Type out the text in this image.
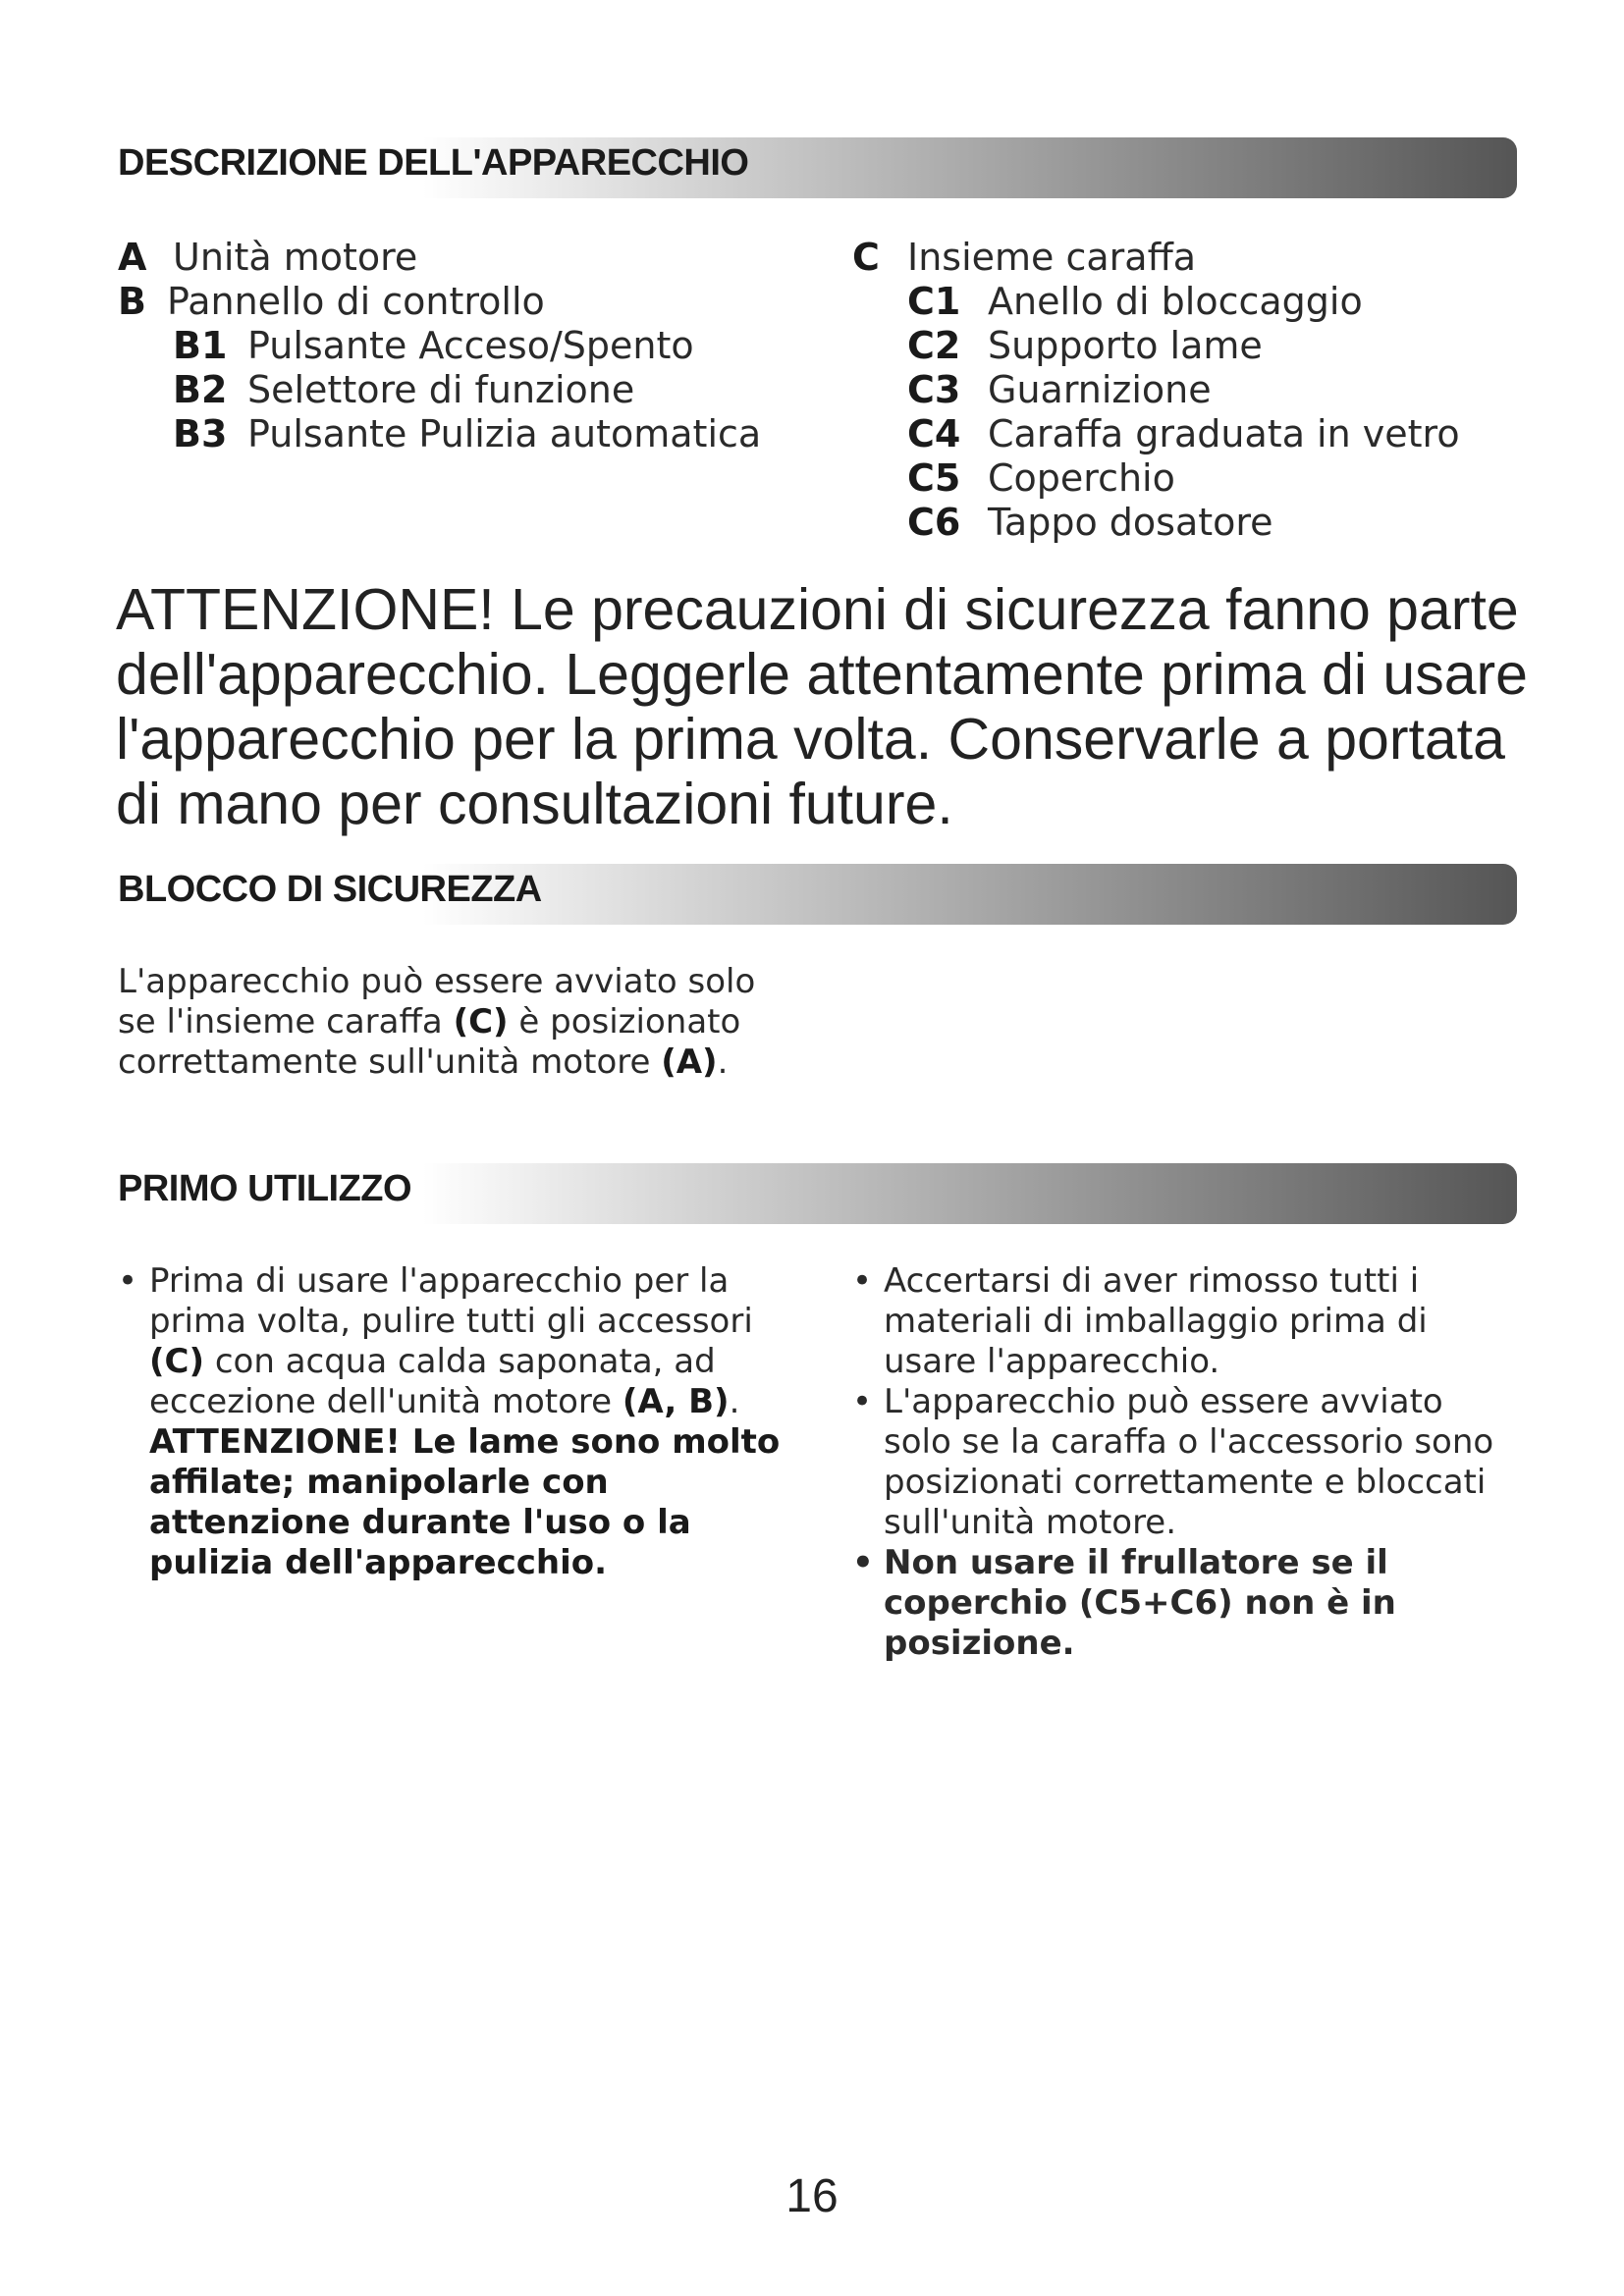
DESCRIZIONE DELL'APPARECCHIO
A Unità motore
B Pannello di controllo
B1 Pulsante Acceso/Spento
B2 Selettore di funzione
B3 Pulsante Pulizia automatica
C Insieme caraffa
C1 Anello di bloccaggio
C2 Supporto lame
C3 Guarnizione
C4 Caraffa graduata in vetro
C5 Coperchio
C6 Tappo dosatore
ATTENZIONE! Le precauzioni di sicurezza fanno parte dell'apparecchio. Leggerle attentamente prima di usare l'apparecchio per la prima volta. Conservarle a portata di mano per consultazioni future.
BLOCCO DI SICUREZZA
L'apparecchio può essere avviato solo se l'insieme caraffa (C) è posizionato correttamente sull'unità motore (A).
PRIMO UTILIZZO
• Prima di usare l'apparecchio per la prima volta, pulire tutti gli accessori (C) con acqua calda saponata, ad eccezione dell'unità motore (A, B).
ATTENZIONE! Le lame sono molto affilate; manipolarle con attenzione durante l'uso o la pulizia dell'apparecchio.
• Accertarsi di aver rimosso tutti i materiali di imballaggio prima di usare l'apparecchio.
• L'apparecchio può essere avviato solo se la caraffa o l'accessorio sono posizionati correttamente e bloccati sull'unità motore.
• Non usare il frullatore se il coperchio (C5+C6) non è in posizione.
16
